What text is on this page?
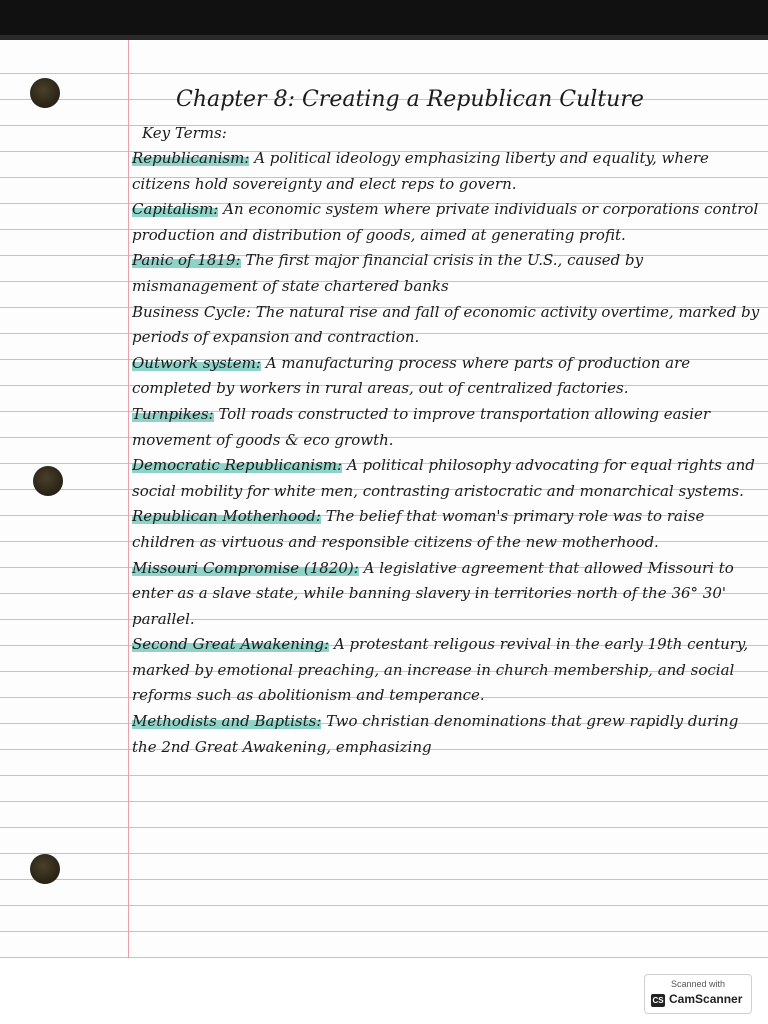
Chapter 8: Creating a Republican Culture
Key Terms:

Republicanism: A political ideology emphasizing liberty and equality, where citizens hold sovereignty and elect reps to govern.

Capitalism: An economic system where private individuals or corporations control production and distribution of goods, aimed at generating profit.

Panic of 1819: The first major financial crisis in the U.S., caused by mismanagement of state chartered banks

Business Cycle: The natural rise and fall of economic activity overtime, marked by periods of expansion and contraction.

Outwork system: A manufacturing process where parts of production are completed by workers in rural areas, out of centralized factories.

Turnpikes: Toll roads constructed to improve transportation allowing easier movement of goods & eco growth.

Democratic Republicanism: A political philosophy advocating for equal rights and social mobility for white men, contrasting aristocratic and monarchical systems.

Republican Motherhood: The belief that woman's primary role was to raise children as virtuous and responsible citizens of the new motherhood.

Missouri Compromise (1820): A legislative agreement that allowed Missouri to enter as a slave state, while banning slavery in territories north of the 36° 30' parallel.

Second Great Awakening: A protestant religous revival in the early 19th century, marked by emotional preaching, an increase in church membership, and social reforms such as abolitionism and temperance.

Methodists and Baptists: Two christian denominations that grew rapidly during the 2nd Great Awakening, emphasizing

Scanned with
CS CamScanner
